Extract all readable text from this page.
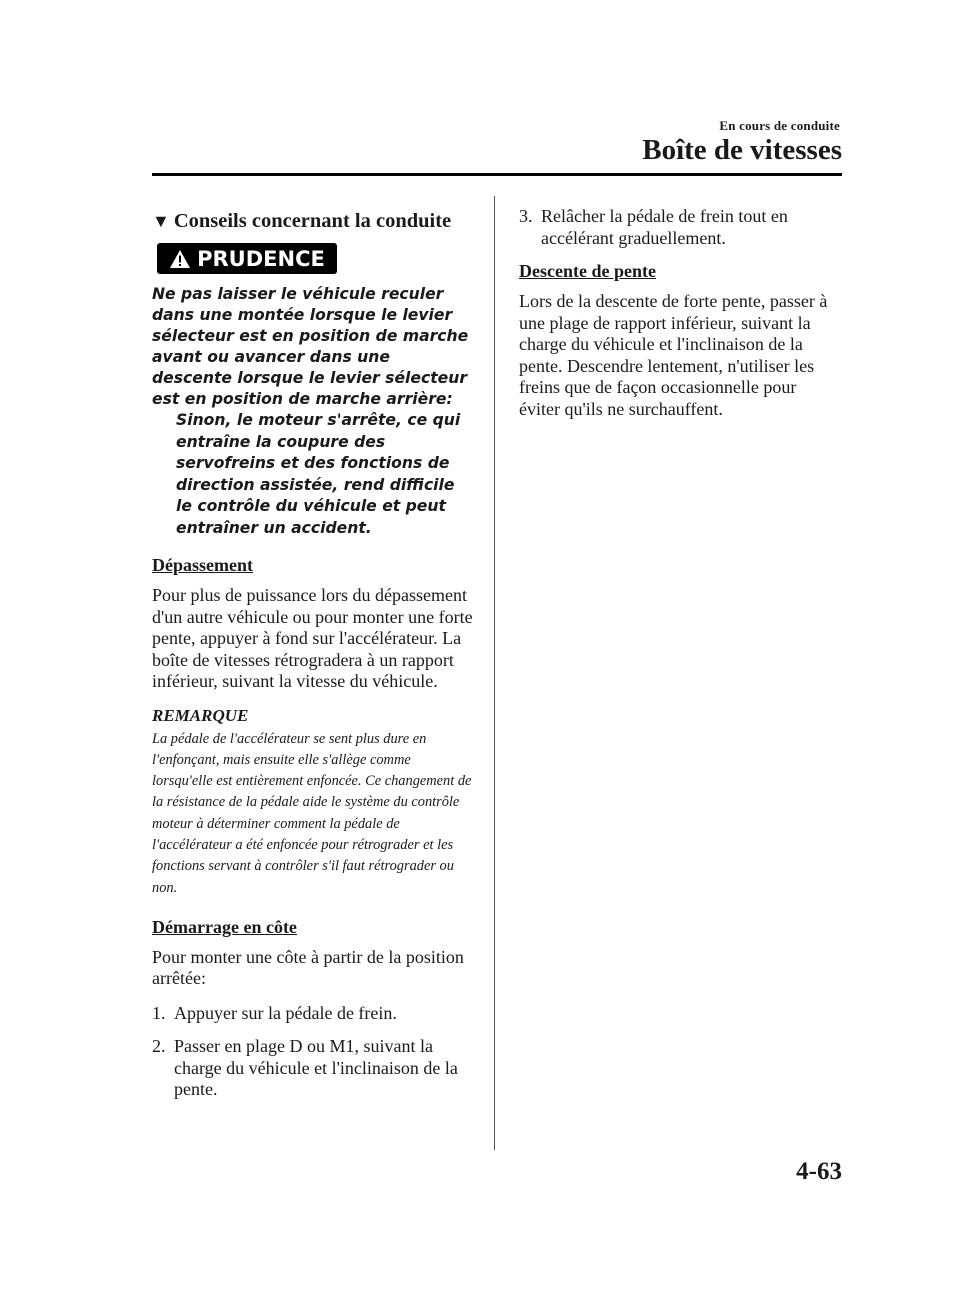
En cours de conduite
Boîte de vitesses
▼ Conseils concernant la conduite
PRUDENCE

Ne pas laisser le véhicule reculer dans une montée lorsque le levier sélecteur est en position de marche avant ou avancer dans une descente lorsque le levier sélecteur est en position de marche arrière:

Sinon, le moteur s'arrête, ce qui entraîne la coupure des servofreins et des fonctions de direction assistée, rend difficile le contrôle du véhicule et peut entraîner un accident.

Dépassement

Pour plus de puissance lors du dépassement d'un autre véhicule ou pour monter une forte pente, appuyer à fond sur l'accélérateur. La boîte de vitesses rétrogradera à un rapport inférieur, suivant la vitesse du véhicule.

REMARQUE

La pédale de l'accélérateur se sent plus dure en l'enfonçant, mais ensuite elle s'allège comme lorsqu'elle est entièrement enfoncée. Ce changement de la résistance de la pédale aide le système du contrôle moteur à déterminer comment la pédale de l'accélérateur a été enfoncée pour rétrograder et les fonctions servant à contrôler s'il faut rétrograder ou non.

Démarrage en côte

Pour monter une côte à partir de la position arrêtée:

1. Appuyer sur la pédale de frein.
2. Passer en plage D ou M1, suivant la charge du véhicule et l'inclinaison de la pente.
3. Relâcher la pédale de frein tout en accélérant graduellement.
Descente de pente

Lors de la descente de forte pente, passer à une plage de rapport inférieur, suivant la charge du véhicule et l'inclinaison de la pente. Descendre lentement, n'utiliser les freins que de façon occasionnelle pour éviter qu'ils ne surchauffent.

4-63
